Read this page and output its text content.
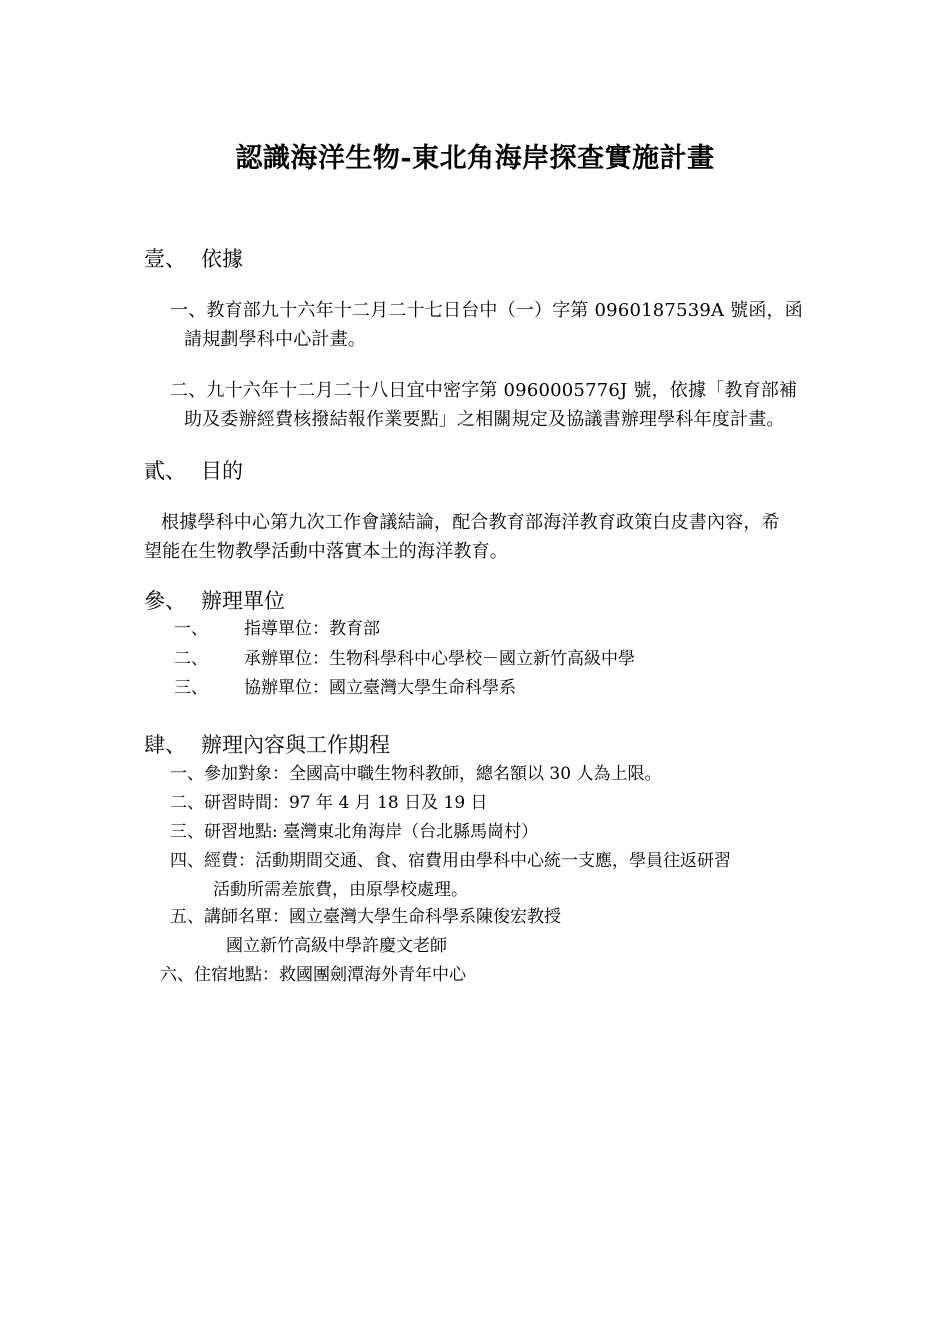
認識海洋生物-東北角海岸探查實施計畫
壹、 依據
一、教育部九十六年十二月二十七日台中（一）字第 0960187539A 號函，函
請規劃學科中心計畫。
二、九十六年十二月二十八日宜中密字第 0960005776J 號，依據「教育部補
助及委辦經費核撥結報作業要點」之相關規定及協議書辦理學科年度計畫。
貳、 目的
根據學科中心第九次工作會議結論，配合教育部海洋教育政策白皮書內容，希
望能在生物教學活動中落實本土的海洋教育。
參、 辦理單位
一、 指導單位：教育部
二、 承辦單位：生物科學科中心學校－國立新竹高級中學
三、 協辦單位：國立臺灣大學生命科學系
肆、 辦理內容與工作期程
一、參加對象：全國高中職生物科教師，總名額以 30 人為上限。
二、研習時間：97 年 4 月 18 日及 19 日
三、研習地點: 臺灣東北角海岸（台北縣馬崗村）
四、經費：活動期間交通、食、宿費用由學科中心統一支應，學員往返研習
活動所需差旅費，由原學校處理。
五、講師名單：國立臺灣大學生命科學系陳俊宏教授
國立新竹高級中學許慶文老師
六、住宿地點：救國團劍潭海外青年中心
